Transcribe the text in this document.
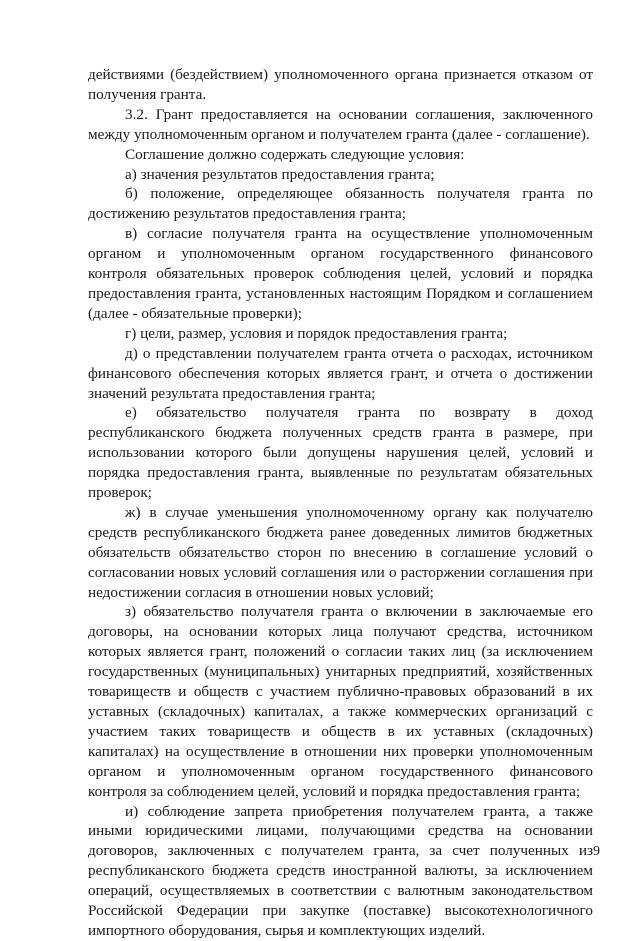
действиями (бездействием) уполномоченного органа признается отказом от получения гранта.

3.2. Грант предоставляется на основании соглашения, заключенного между уполномоченным органом и получателем гранта (далее - соглашение).

Соглашение должно содержать следующие условия:

а) значения результатов предоставления гранта;

б) положение, определяющее обязанность получателя гранта по достижению результатов предоставления гранта;

в) согласие получателя гранта на осуществление уполномоченным органом и уполномоченным органом государственного финансового контроля обязательных проверок соблюдения целей, условий и порядка предоставления гранта, установленных настоящим Порядком и соглашением (далее - обязательные проверки);

г) цели, размер, условия и порядок предоставления гранта;

д) о представлении получателем гранта отчета о расходах, источником финансового обеспечения которых является грант, и отчета о достижении значений результата предоставления гранта;

е) обязательство получателя гранта по возврату в доход республиканского бюджета полученных средств гранта в размере, при использовании которого были допущены нарушения целей, условий и порядка предоставления гранта, выявленные по результатам обязательных проверок;

ж) в случае уменьшения уполномоченному органу как получателю средств республиканского бюджета ранее доведенных лимитов бюджетных обязательств обязательство сторон по внесению в соглашение условий о согласовании новых условий соглашения или о расторжении соглашения при недостижении согласия в отношении новых условий;

з) обязательство получателя гранта о включении в заключаемые его договоры, на основании которых лица получают средства, источником которых является грант, положений о согласии таких лиц (за исключением государственных (муниципальных) унитарных предприятий, хозяйственных товариществ и обществ с участием публично-правовых образований в их уставных (складочных) капиталах, а также коммерческих организаций с участием таких товариществ и обществ в их уставных (складочных) капиталах) на осуществление в отношении них проверки уполномоченным органом и уполномоченным органом государственного финансового контроля за соблюдением целей, условий и порядка предоставления гранта;

и) соблюдение запрета приобретения получателем гранта, а также иными юридическими лицами, получающими средства на основании договоров, заключенных с получателем гранта, за счет полученных из республиканского бюджета средств иностранной валюты, за исключением операций, осуществляемых в соответствии с валютным законодательством Российской Федерации при закупке (поставке) высокотехнологичного импортного оборудования, сырья и комплектующих изделий.

9
